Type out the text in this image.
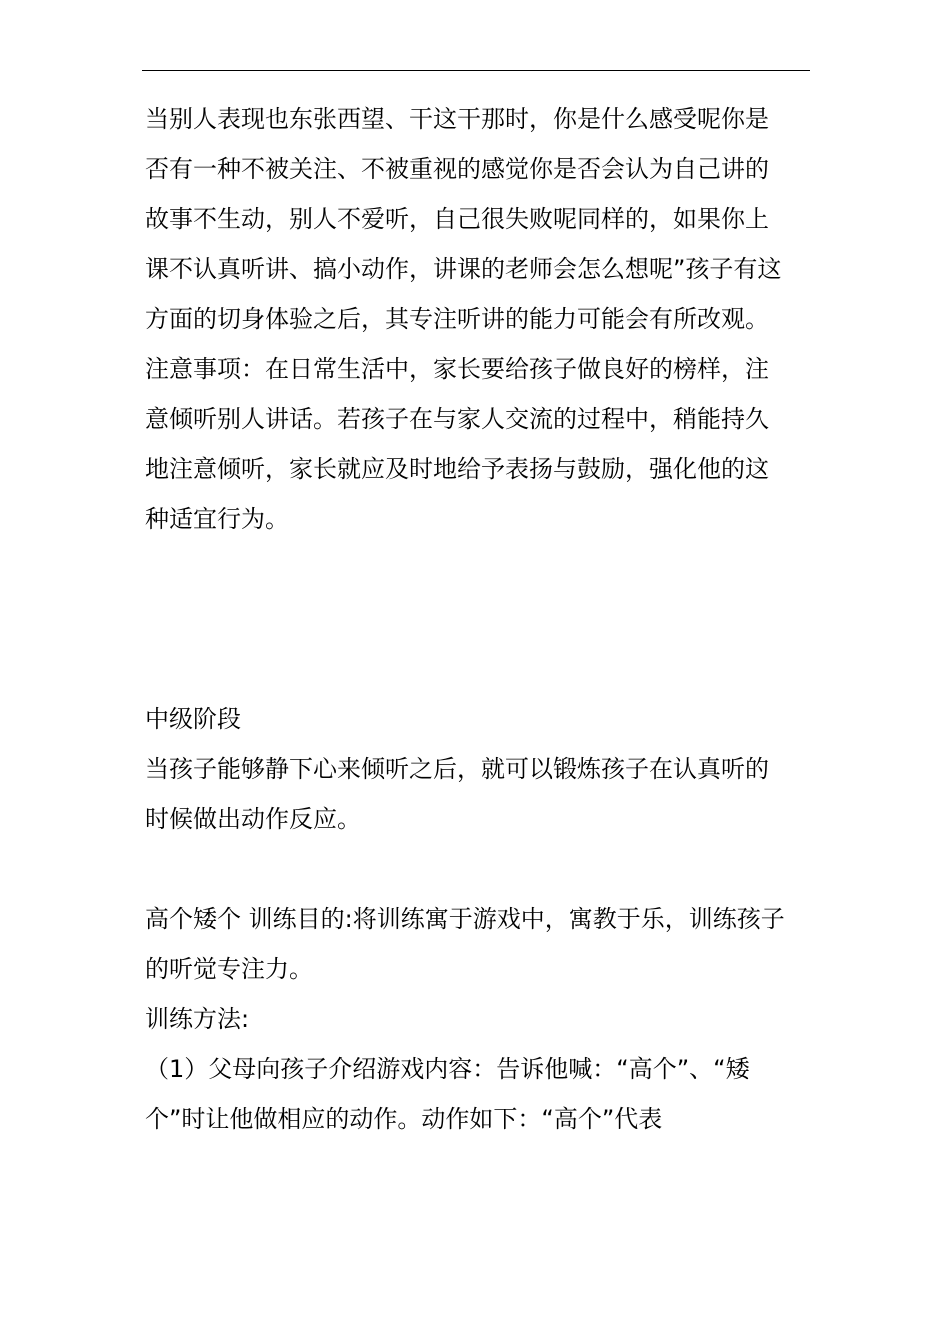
当别人表现也东张西望、干这干那时，你是什么感受呢你是否有一种不被关注、不被重视的感觉你是否会认为自己讲的故事不生动，别人不爱听，自己很失败呢同样的，如果你上课不认真听讲、搞小动作，讲课的老师会怎么想呢”孩子有这方面的切身体验之后，其专注听讲的能力可能会有所改观。

注意事项：在日常生活中，家长要给孩子做良好的榜样，注意倾听别人讲话。若孩子在与家人交流的过程中，稍能持久地注意倾听，家长就应及时地给予表扬与鼓励，强化他的这种适宜行为。

中级阶段

当孩子能够静下心来倾听之后，就可以锻炼孩子在认真听的时候做出动作反应。

高个矮个 训练目的:将训练寓于游戏中，寓教于乐，训练孩子的听觉专注力。

训练方法:

（1）父母向孩子介绍游戏内容：告诉他喊：“高个”、“矮个”时让他做相应的动作。动作如下：“高个”代表
